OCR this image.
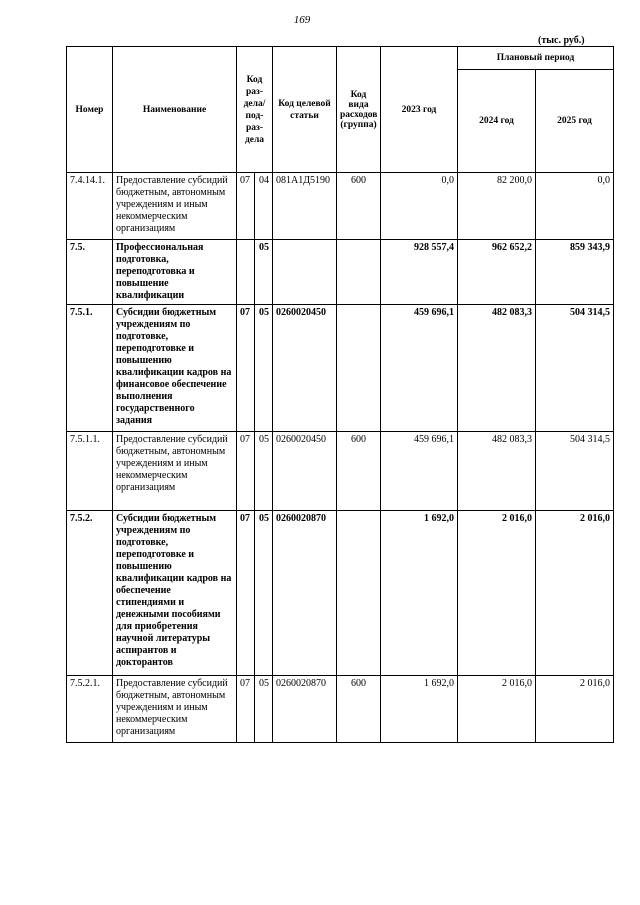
169
(тыс. руб.)
Номер	Наименование	Код раз-дела/ под-раз-дела		Код целевой статьи	Код вида расходов (группа)	2023 год	Плановый период	
							2024 год	2025 год
7.4.14.1.	Предоставление субсидий бюджетным, автономным учреждениям и иным некоммерческим организациям	07	04	081А1Д5190	600	0,0	82 200,0	0,0
7.5.	Профессиональная подготовка, переподготовка и повышение квалификации		05			928 557,4	962 652,2	859 343,9
7.5.1.	Субсидии бюджетным учреждениям по подготовке, переподготовке и повышению квалификации кадров на финансовое обеспечение выполнения государственного задания	07	05	0260020450		459 696,1	482 083,3	504 314,5
7.5.1.1.	Предоставление субсидий бюджетным, автономным учреждениям и иным некоммерческим организациям	07	05	0260020450	600	459 696,1	482 083,3	504 314,5
7.5.2.	Субсидии бюджетным учреждениям по подготовке, переподготовке и повышению квалификации кадров на обеспечение стипендиями и денежными пособиями для приобретения научной литературы аспирантов и докторантов	07	05	0260020870		1 692,0	2 016,0	2 016,0
7.5.2.1.	Предоставление субсидий бюджетным, автономным учреждениям и иным некоммерческим организациям	07	05	0260020870	600	1 692,0	2 016,0	2 016,0
